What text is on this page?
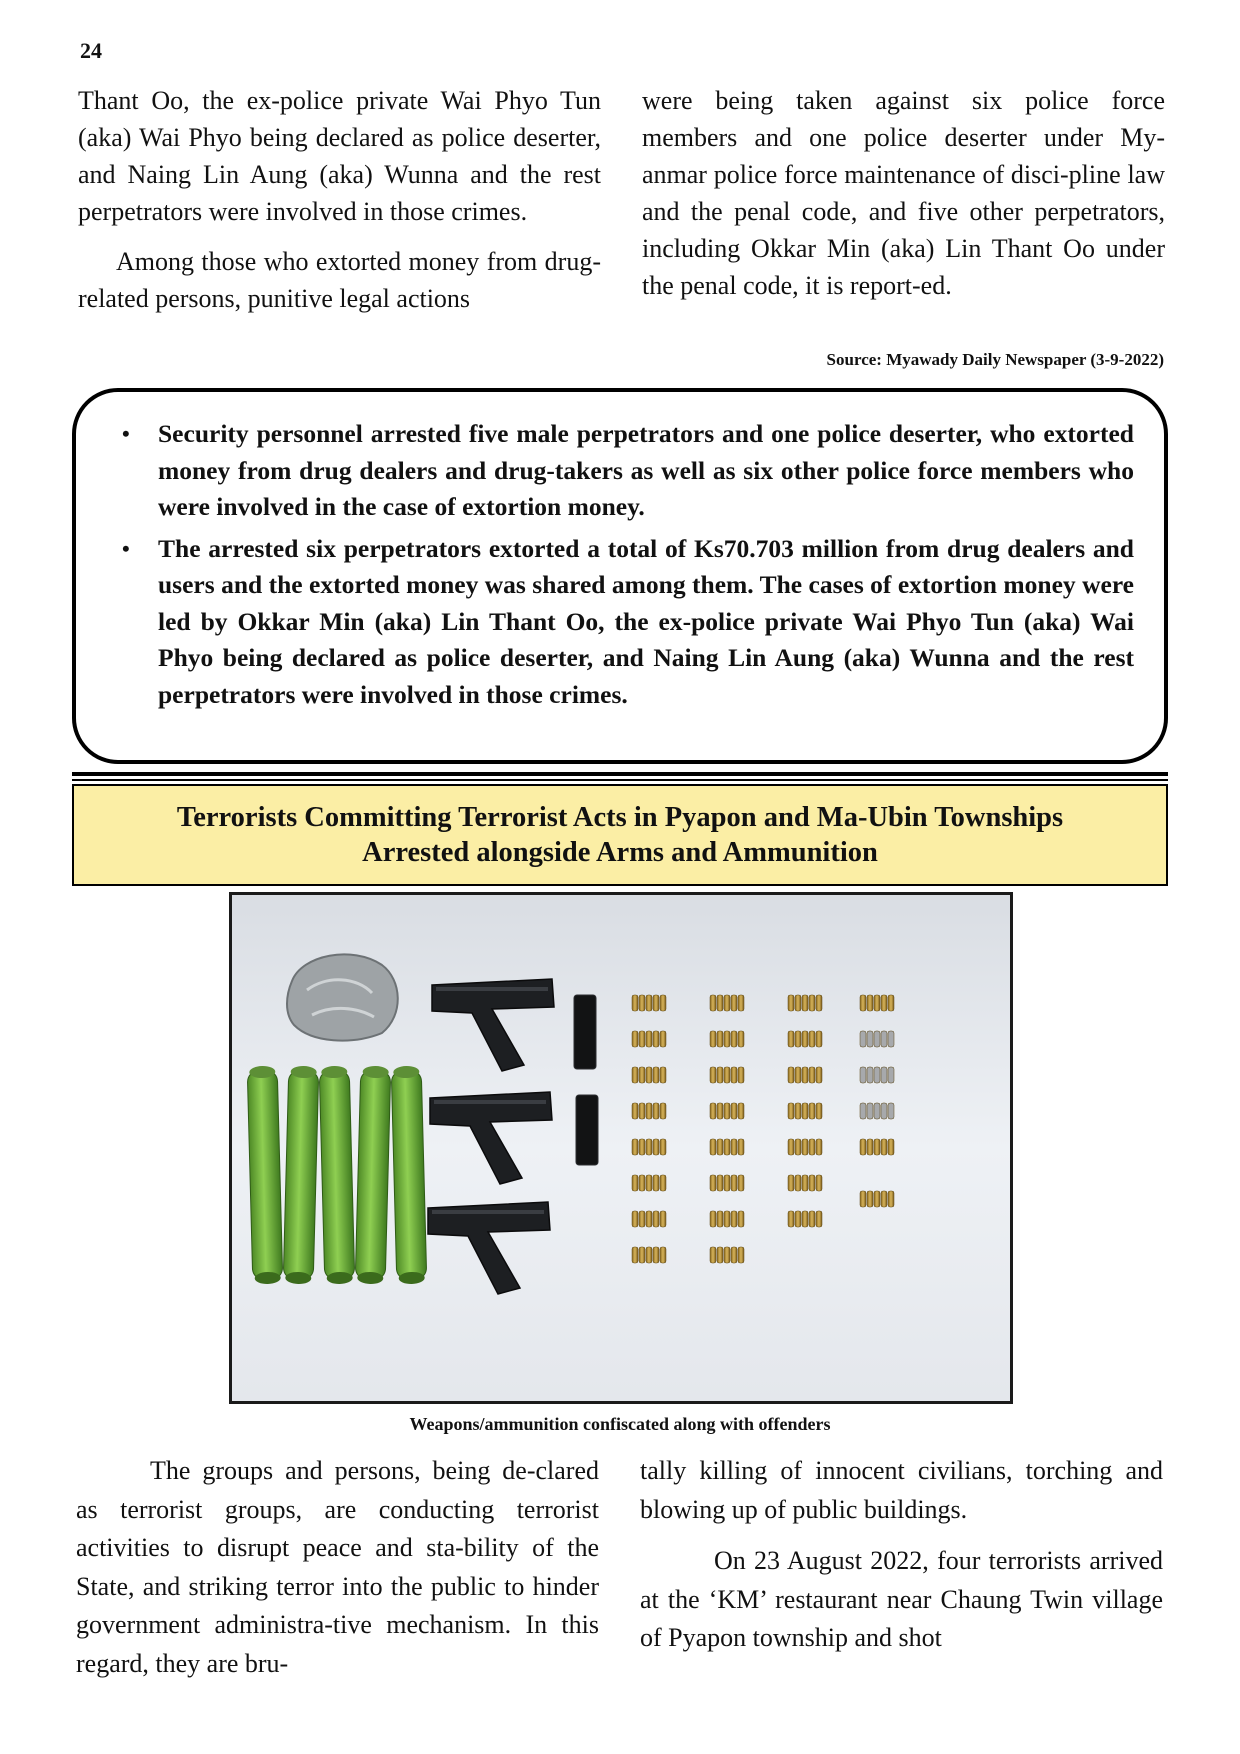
24

Thant Oo, the ex-police private Wai Phyo Tun (aka) Wai Phyo being declared as police deserter, and Naing Lin Aung (aka) Wunna and the rest perpetrators were involved in those crimes.

Among those who extorted money from drug-related persons, punitive legal actions

were being taken against six police force members and one police deserter under My-anmar police force maintenance of disci-pline law and the penal code, and five other perpetrators, including Okkar Min (aka) Lin Thant Oo under the penal code, it is report-ed.

Source: Myawady Daily Newspaper (3-9-2022)
• Security personnel arrested five male perpetrators and one police deserter, who extorted money from drug dealers and drug-takers as well as six other police force members who were involved in the case of extortion money.
• The arrested six perpetrators extorted a total of Ks70.703 million from drug dealers and users and the extorted money was shared among them. The cases of extortion money were led by Okkar Min (aka) Lin Thant Oo, the ex-police private Wai Phyo Tun (aka) Wai Phyo being declared as police deserter, and Naing Lin Aung (aka) Wunna and the rest perpetrators were involved in those crimes.
Terrorists Committing Terrorist Acts in Pyapon and Ma-Ubin Townships
Arrested alongside Arms and Ammunition
Weapons/ammunition confiscated along with offenders

The groups and persons, being de-clared as terrorist groups, are conducting terrorist activities to disrupt peace and sta-bility of the State, and striking terror into the public to hinder government administra-tive mechanism. In this regard, they are bru-

tally killing of innocent civilians, torching and blowing up of public buildings.

On 23 August 2022, four terrorists arrived at the ‘KM’ restaurant near Chaung Twin village of Pyapon township and shot
